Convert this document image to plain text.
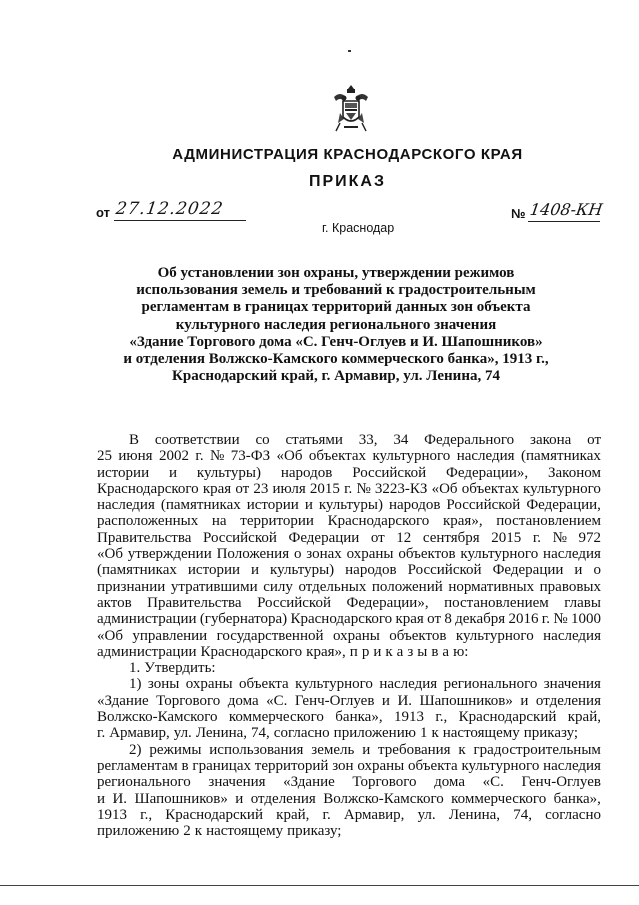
АДМИНИСТРАЦИЯ КРАСНОДАРСКОГО КРАЯ
ПРИКАЗ
от 27.12.2022
г. Краснодар
№ 1408-КН
Об установлении зон охраны, утверждении режимов
использования земель и требований к градостроительным
регламентам в границах территорий данных зон объекта
культурного наследия регионального значения
«Здание Торгового дома «С. Генч-Оглуев и И. Шапошников»
и отделения Волжско-Камского коммерческого банка», 1913 г.,
Краснодарский край, г. Армавир, ул. Ленина, 74
В соответствии со статьями 33, 34 Федерального закона от
25 июня 2002 г. № 73-ФЗ «Об объектах культурного наследия (памятниках
истории и культуры) народов Российской Федерации», Законом
Краснодарского края от 23 июля 2015 г. № 3223-КЗ «Об объектах культурного
наследия (памятниках истории и культуры) народов Российской Федерации,
расположенных на территории Краснодарского края», постановлением
Правительства Российской Федерации от 12 сентября 2015 г. № 972
«Об утверждении Положения о зонах охраны объектов культурного наследия
(памятниках истории и культуры) народов Российской Федерации и о
признании утратившими силу отдельных положений нормативных правовых
актов Правительства Российской Федерации», постановлением главы
администрации (губернатора) Краснодарского края от 8 декабря 2016 г. № 1000
«Об управлении государственной охраны объектов культурного наследия
администрации Краснодарского края», п р и к а з ы в а ю:
1. Утвердить:
1) зоны охраны объекта культурного наследия регионального значения
«Здание Торгового дома «С. Генч-Оглуев и И. Шапошников» и отделения
Волжско-Камского коммерческого банка», 1913 г., Краснодарский край,
г. Армавир, ул. Ленина, 74, согласно приложению 1 к настоящему приказу;
2) режимы использования земель и требования к градостроительным
регламентам в границах территорий зон охраны объекта культурного наследия
регионального значения «Здание Торгового дома «С. Генч-Оглуев
и И. Шапошников» и отделения Волжско-Камского коммерческого банка»,
1913 г., Краснодарский край, г. Армавир, ул. Ленина, 74, согласно
приложению 2 к настоящему приказу;
